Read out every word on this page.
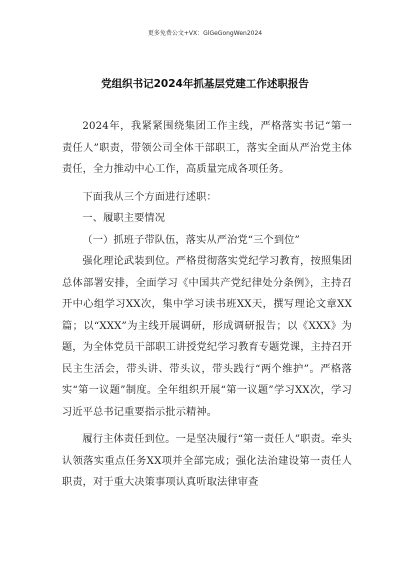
更多免费公文+VX：GlGeGongWen2024
党组织书记2024年抓基层党建工作述职报告

2024年，我紧紧围绕集团工作主线，严格落实书记“第一责任人”职责，带领公司全体干部职工，落实全面从严治党主体责任，全力推动中心工作，高质量完成各项任务。

下面我从三个方面进行述职：

一、履职主要情况

（一）抓班子带队伍，落实从严治党“三个到位”

强化理论武装到位。严格贯彻落实党纪学习教育，按照集团总体部署安排，全面学习《中国共产党纪律处分条例》，主持召开中心组学习XX次，集中学习读书班XX天，撰写理论文章XX篇；以“XXX”为主线开展调研，形成调研报告；以《XXX》为题，为全体党员干部职工讲授党纪学习教育专题党课，主持召开民主生活会，带头讲、带头议，带头践行“两个维护”。严格落实“第一议题”制度。全年组织开展“第一议题”学习XX次，学习习近平总书记重要指示批示精神。

履行主体责任到位。一是坚决履行“第一责任人”职责。牵头认领落实重点任务XX项并全部完成；强化法治建设第一责任人职责，对于重大决策事项认真听取法律审查
